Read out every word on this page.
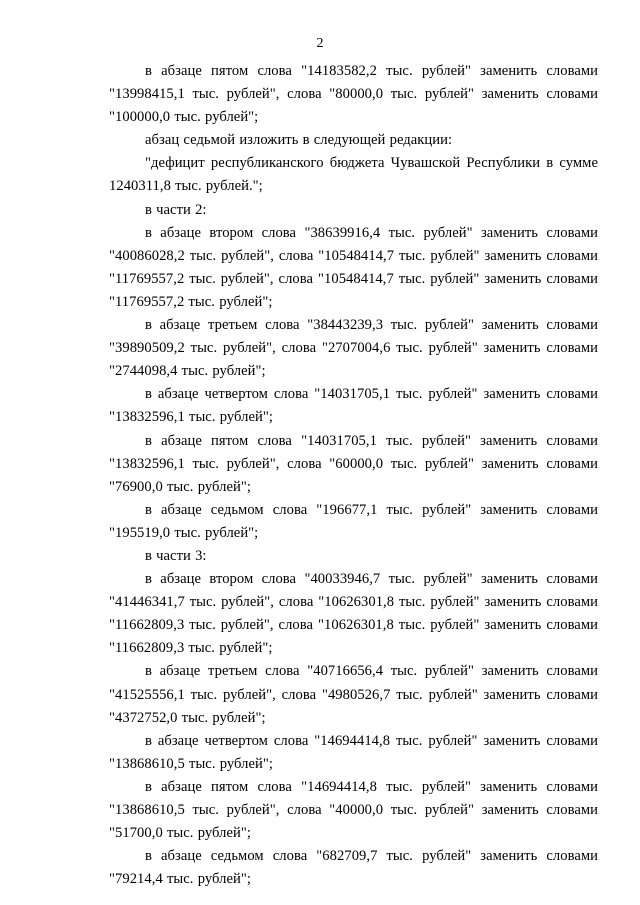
2

в абзаце пятом слова "14183582,2 тыс. рублей" заменить словами "13998415,1 тыс. рублей", слова "80000,0 тыс. рублей" заменить словами "100000,0 тыс. рублей";

абзац седьмой изложить в следующей редакции:

"дефицит республиканского бюджета Чувашской Республики в сумме 1240311,8 тыс. рублей.";

в части 2:

в абзаце втором слова "38639916,4 тыс. рублей" заменить словами "40086028,2 тыс. рублей", слова "10548414,7 тыс. рублей" заменить словами "11769557,2 тыс. рублей", слова "10548414,7 тыс. рублей" заменить словами "11769557,2 тыс. рублей";

в абзаце третьем слова "38443239,3 тыс. рублей" заменить словами "39890509,2 тыс. рублей", слова "2707004,6 тыс. рублей" заменить словами "2744098,4 тыс. рублей";

в абзаце четвертом слова "14031705,1 тыс. рублей" заменить словами "13832596,1 тыс. рублей";

в абзаце пятом слова "14031705,1 тыс. рублей" заменить словами "13832596,1 тыс. рублей", слова "60000,0 тыс. рублей" заменить словами "76900,0 тыс. рублей";

в абзаце седьмом слова "196677,1 тыс. рублей" заменить словами "195519,0 тыс. рублей";

в части 3:

в абзаце втором слова "40033946,7 тыс. рублей" заменить словами "41446341,7 тыс. рублей", слова "10626301,8 тыс. рублей" заменить словами "11662809,3 тыс. рублей", слова "10626301,8 тыс. рублей" заменить словами "11662809,3 тыс. рублей";

в абзаце третьем слова "40716656,4 тыс. рублей" заменить словами "41525556,1 тыс. рублей", слова "4980526,7 тыс. рублей" заменить словами "4372752,0 тыс. рублей";

в абзаце четвертом слова "14694414,8 тыс. рублей" заменить словами "13868610,5 тыс. рублей";

в абзаце пятом слова "14694414,8 тыс. рублей" заменить словами "13868610,5 тыс. рублей", слова "40000,0 тыс. рублей" заменить словами "51700,0 тыс. рублей";

в абзаце седьмом слова "682709,7 тыс. рублей" заменить словами "79214,4 тыс. рублей";
